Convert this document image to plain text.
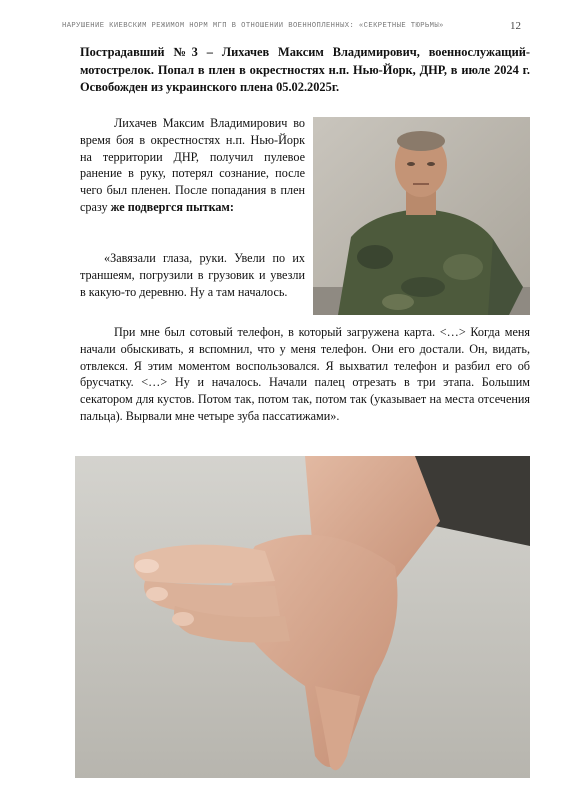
НАРУШЕНИЕ КИЕВСКИМ РЕЖИМОМ НОРМ МГП В ОТНОШЕНИИ ВОЕННОПЛЕННЫХ: «СЕКРЕТНЫЕ ТЮРЬМЫ»	12
Пострадавший №3 – Лихачев Максим Владимирович, военнослужащий-мотострелок. Попал в плен в окрестностях н.п. Нью-Йорк, ДНР, в июле 2024 г. Освобожден из украинского плена 05.02.2025г.
Лихачев Максим Владимирович во время боя в окрестностях н.п. Нью-Йорк на территории ДНР, получил пулевое ранение в руку, потерял сознание, после чего был пленен. После попадания в плен сразу же подвергся пыткам:
«Завязали глаза, руки. Увели по их траншеям, погрузили в грузовик и увезли в какую-то деревню. Ну а там началось.
При мне был сотовый телефон, в который загружена карта. <…> Когда меня начали обыскивать, я вспомнил, что у меня телефон. Они его достали. Он, видать, отвлекся. Я этим моментом воспользовался. Я выхватил телефон и разбил его об брусчатку. <…> Ну и началось. Начали палец отрезать в три этапа. Большим секатором для кустов. Потом так, потом так, потом так (указывает на места отсечения пальца). Вырвали мне четыре зуба пассатижами».
